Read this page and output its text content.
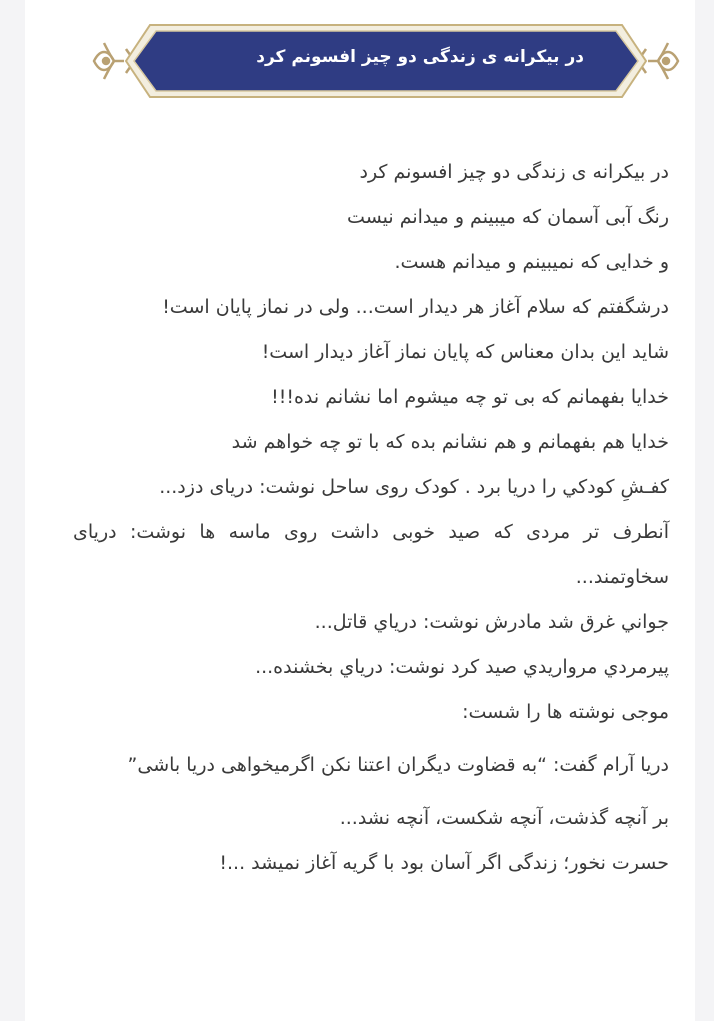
در بیکرانه ی زندگی دو چیز افسونم کرد

در بیکرانه ی زندگی دو چیز افسونم کرد

رنگ آبی آسمان که میبینم و میدانم نیست

و خدایی که نمیبینم و میدانم هست.

درشگفتم که سلام آغاز هر دیدار است... ولی در نماز پایان است!

شاید این بدان معناس که پایان نماز آغاز دیدار است!

خدایا بفهمانم که بی تو چه میشوم اما نشانم نده!!!

خدایا هم بفهمانم و هم نشانم بده که با تو چه خواهم شد

کفـشِ کودکي را دريا برد . کودک روی ساحل نوشت: دریای دزد...

آنطرف تر مردی که صید خوبی داشت روی ماسه ها نوشت: دریای سخاوتمند...

جواني غرق شد مادرش نوشت: درياي قاتل...

پيرمردي مرواريدي صيد کرد نوشت: درياي بخشنده...

موجی نوشته ها را شست:

دریا آرام گفت: “به قضاوت دیگران اعتنا نکن اگرمیخواهی دریا باشی”

بر آنچه گذشت، آنچه شکست، آنچه نشد...

حسرت نخور؛ زندگی اگر آسان بود با گریه آغاز نمیشد ...!
